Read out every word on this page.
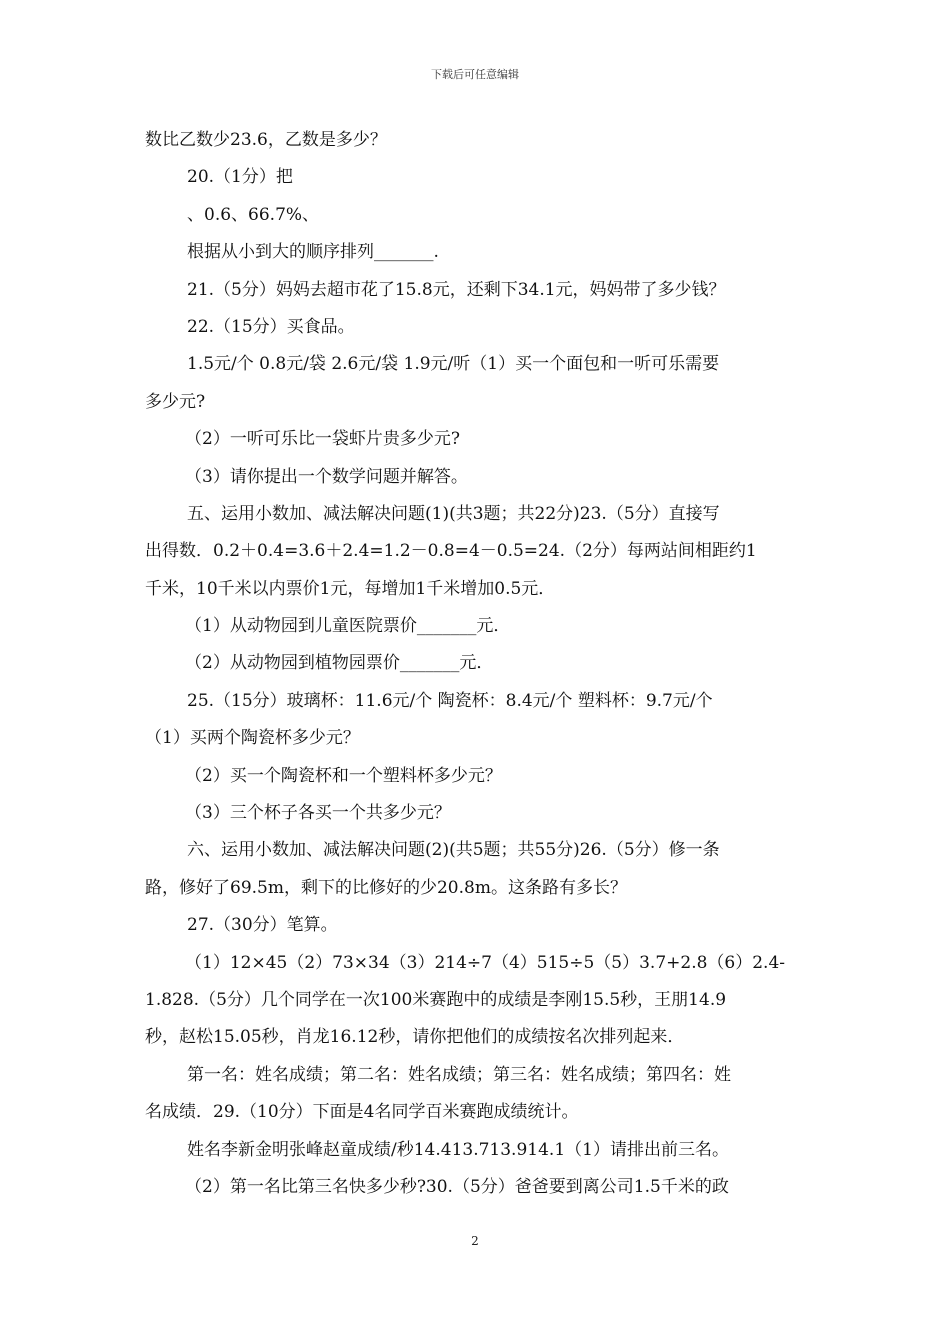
下载后可任意编辑
数比乙数少23.6，乙数是多少？
20.（1分）把
、0.6、66.7%、
根据从小到大的顺序排列_______.
21.（5分）妈妈去超市花了15.8元，还剩下34.1元，妈妈带了多少钱？
22.（15分）买食品。
1.5元/个 0.8元/袋 2.6元/袋 1.9元/听（1）买一个面包和一听可乐需要
多少元?
（2）一听可乐比一袋虾片贵多少元?
（3）请你提出一个数学问题并解答。
五、运用小数加、减法解决问题(1)(共3题；共22分)23.（5分）直接写
出得数．0.2＋0.4=3.6＋2.4=1.2－0.8=4－0.5=24.（2分）每两站间相距约1
千米，10千米以内票价1元，每增加1千米增加0.5元．
（1）从动物园到儿童医院票价_______元．
（2）从动物园到植物园票价_______元．
25.（15分）玻璃杯：11.6元/个 陶瓷杯：8.4元/个 塑料杯：9.7元/个
（1）买两个陶瓷杯多少元？
（2）买一个陶瓷杯和一个塑料杯多少元？
（3）三个杯子各买一个共多少元？
六、运用小数加、减法解决问题(2)(共5题；共55分)26.（5分）修一条
路，修好了69.5m，剩下的比修好的少20.8m。这条路有多长？
27.（30分）笔算。
（1）12×45（2）73×34（3）214÷7（4）515÷5（5）3.7+2.8（6）2.4-
1.828.（5分）几个同学在一次100米赛跑中的成绩是李刚15.5秒，王朋14.9
秒，赵松15.05秒，肖龙16.12秒，请你把他们的成绩按名次排列起来．
第一名：姓名成绩；第二名：姓名成绩；第三名：姓名成绩；第四名：姓
名成绩．29.（10分）下面是4名同学百米赛跑成绩统计。
姓名李新金明张峰赵童成绩/秒14.413.713.914.1（1）请排出前三名。
（2）第一名比第三名快多少秒?30.（5分）爸爸要到离公司1.5千米的政
2
